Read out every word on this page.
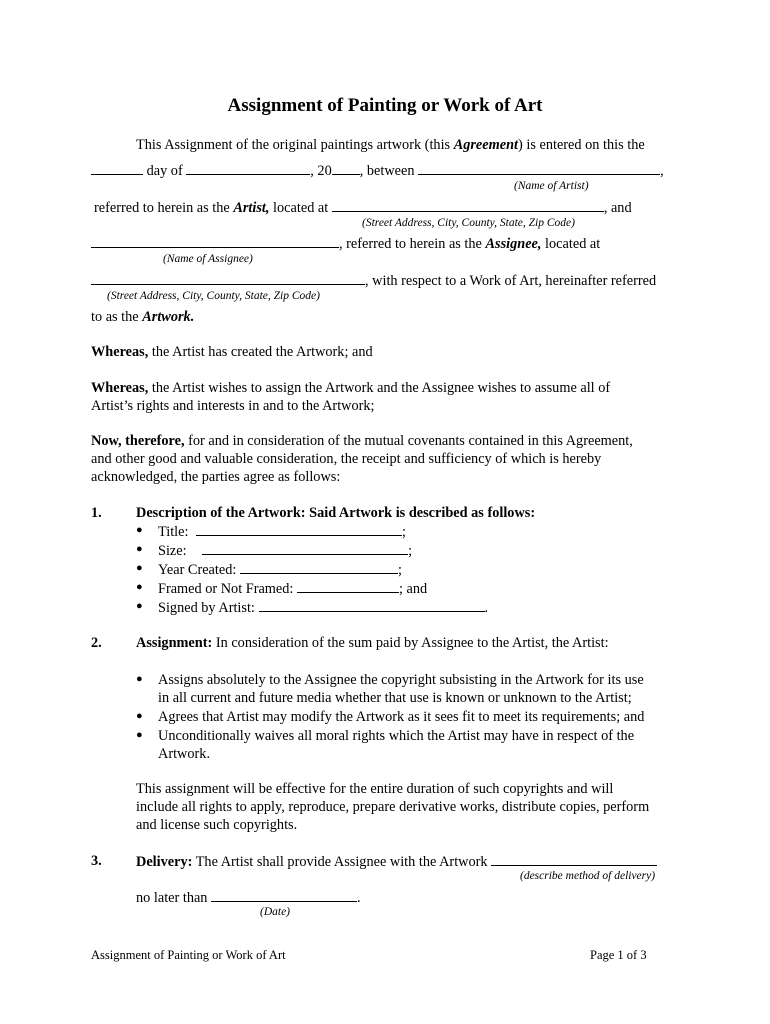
Assignment of Painting or Work of Art
This Assignment of the original paintings artwork (this Agreement) is entered on this the
day of	, 20 , between	,
(Name of Artist)
referred to herein as the Artist, located at	, and
(Street Address, City, County, State, Zip Code)
, referred to herein as the Assignee, located at
(Name of Assignee)
, with respect to a Work of Art, hereinafter referred
(Street Address, City, County, State, Zip Code)
to as the Artwork.
Whereas, the Artist has created the Artwork; and
Whereas, the Artist wishes to assign the Artwork and the Assignee wishes to assume all of
Artist’s rights and interests in and to the Artwork;
Now, therefore, for and in consideration of the mutual covenants contained in this Agreement,
and other good and valuable consideration, the receipt and sufficiency of which is hereby
acknowledged, the parties agree as follows:
1. Description of the Artwork: Said Artwork is described as follows:
● Title:	;
● Size:	;
● Year Created:	;
● Framed or Not Framed:	; and
● Signed by Artist:	.
2. Assignment: In consideration of the sum paid by Assignee to the Artist, the Artist:
● Assigns absolutely to the Assignee the copyright subsisting in the Artwork for its use
in all current and future media whether that use is known or unknown to the Artist;
● Agrees that Artist may modify the Artwork as it sees fit to meet its requirements; and
● Unconditionally waives all moral rights which the Artist may have in respect of the
Artwork.
This assignment will be effective for the entire duration of such copyrights and will
include all rights to apply, reproduce, prepare derivative works, distribute copies, perform
and license such copyrights.
3. Delivery: The Artist shall provide Assignee with the Artwork
(describe method of delivery)
no later than	.
(Date)
Assignment of Painting or Work of Art	Page 1 of 3
